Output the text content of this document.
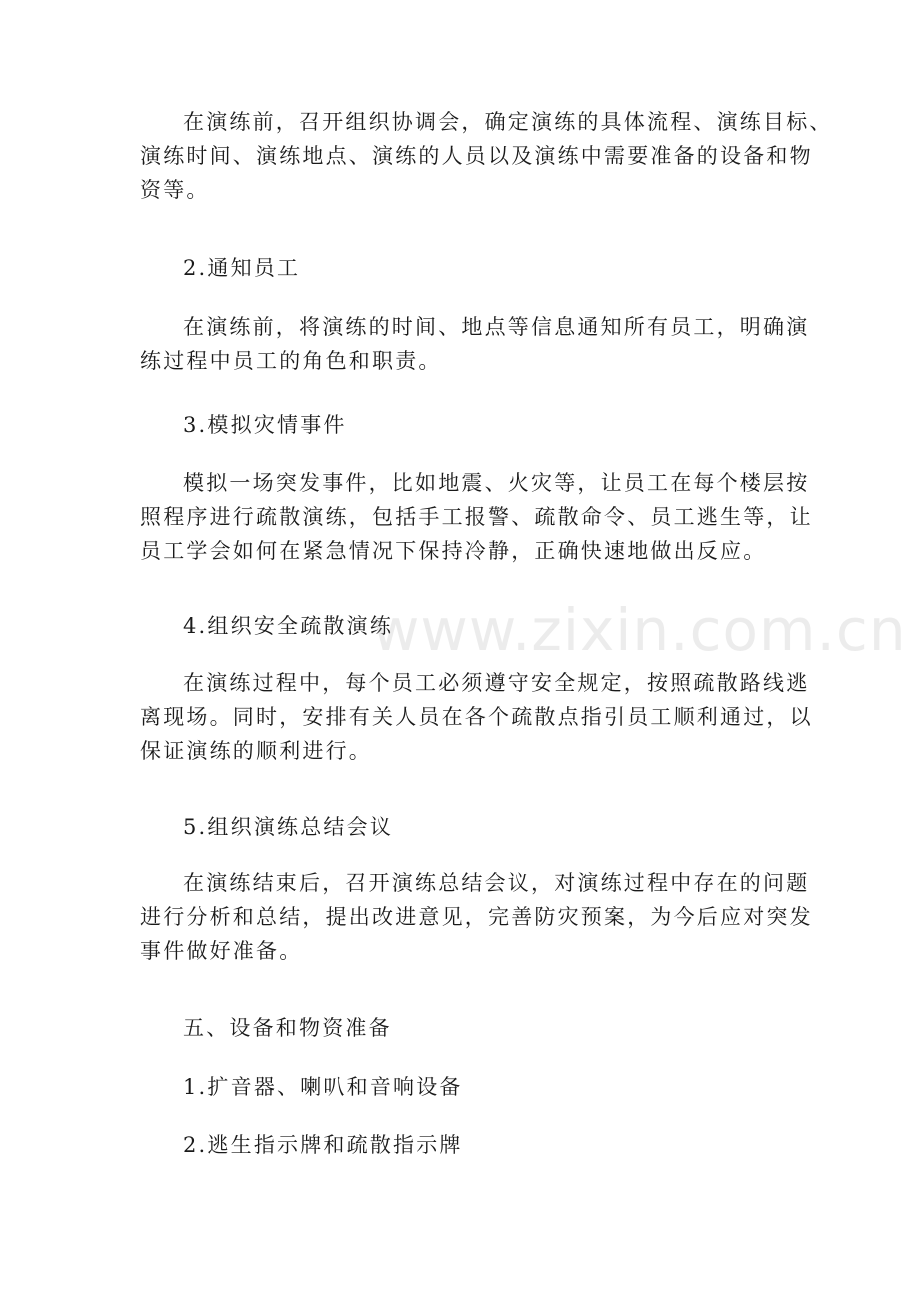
在演练前，召开组织协调会，确定演练的具体流程、演练目标、
演练时间、演练地点、演练的人员以及演练中需要准备的设备和物
资等。

2.通知员工

在演练前，将演练的时间、地点等信息通知所有员工，明确演
练过程中员工的角色和职责。

3.模拟灾情事件

模拟一场突发事件，比如地震、火灾等，让员工在每个楼层按
照程序进行疏散演练，包括手工报警、疏散命令、员工逃生等，让
员工学会如何在紧急情况下保持冷静，正确快速地做出反应。

4.组织安全疏散演练

在演练过程中，每个员工必须遵守安全规定，按照疏散路线逃
离现场。同时，安排有关人员在各个疏散点指引员工顺利通过，以
保证演练的顺利进行。

5.组织演练总结会议

在演练结束后，召开演练总结会议，对演练过程中存在的问题
进行分析和总结，提出改进意见，完善防灾预案，为今后应对突发
事件做好准备。

五、设备和物资准备

1.扩音器、喇叭和音响设备

2.逃生指示牌和疏散指示牌

www.zixin.com.cn
